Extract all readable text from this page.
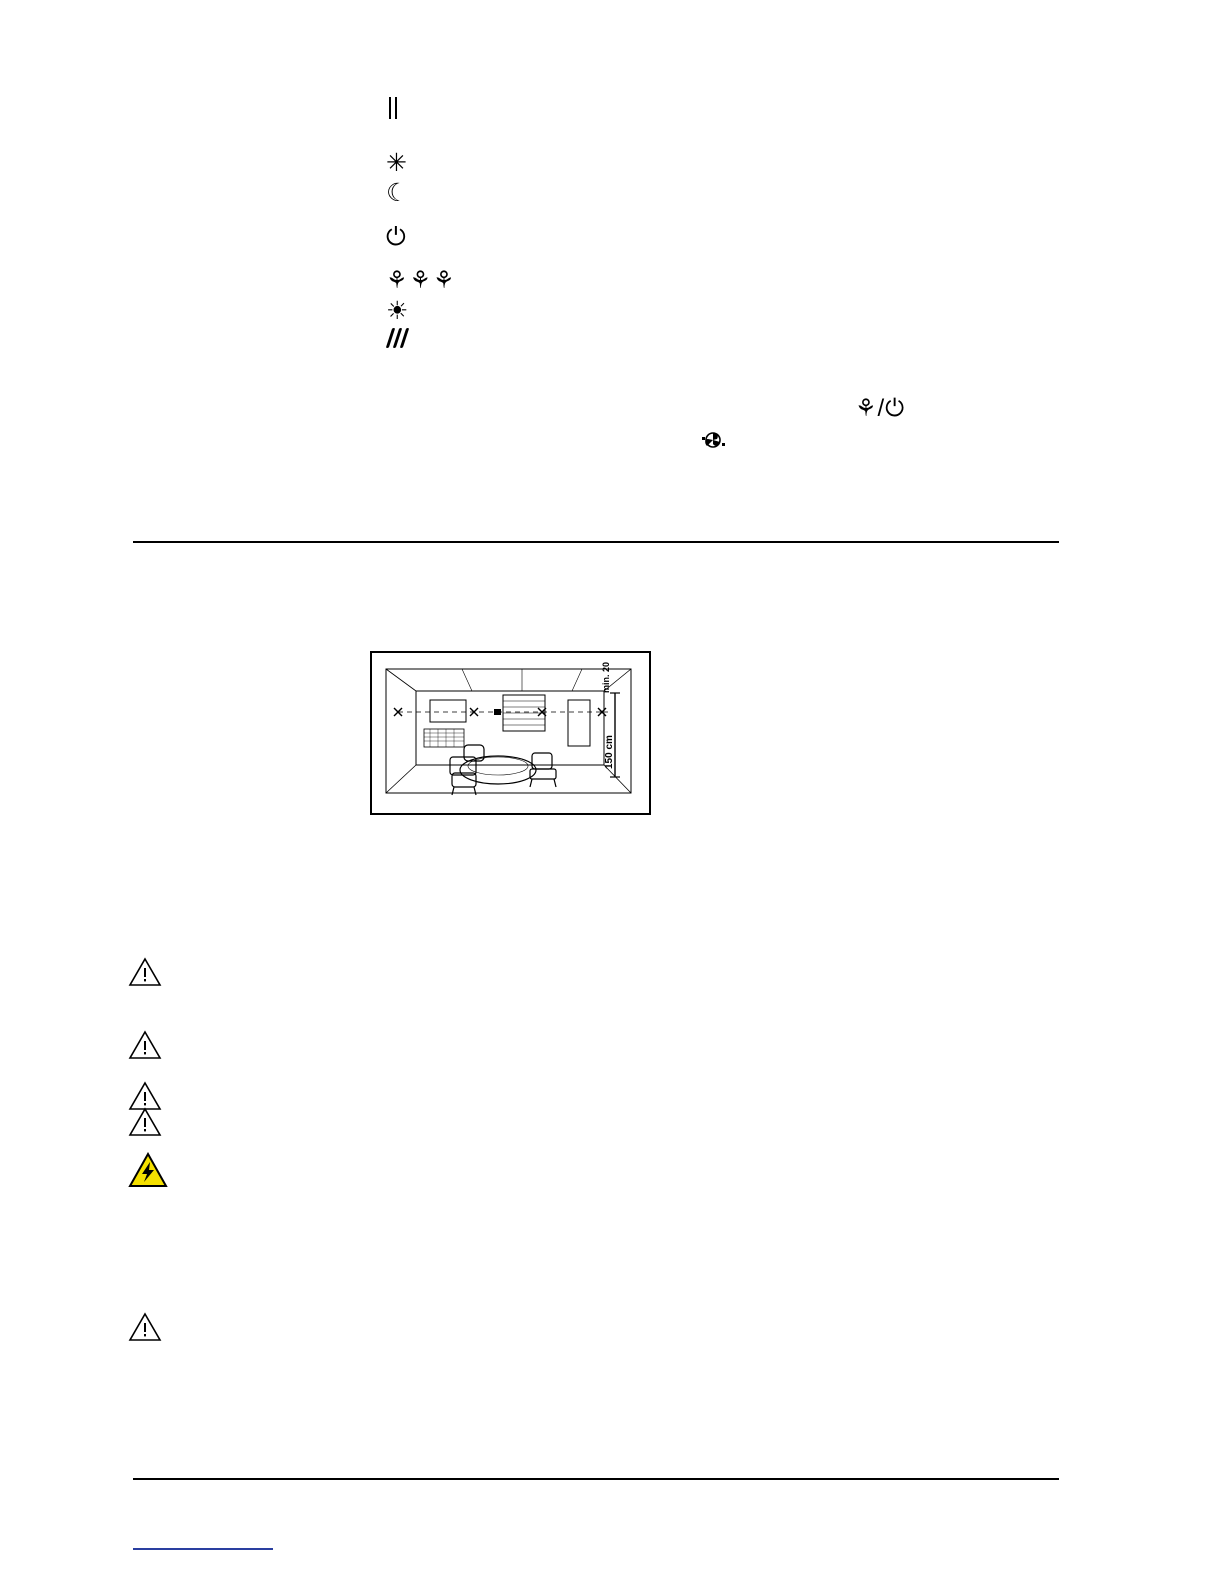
✳
☾
⏻
⚘ ⚘ ⚘
☀
⚘/⏻
min. 20
150 cm
